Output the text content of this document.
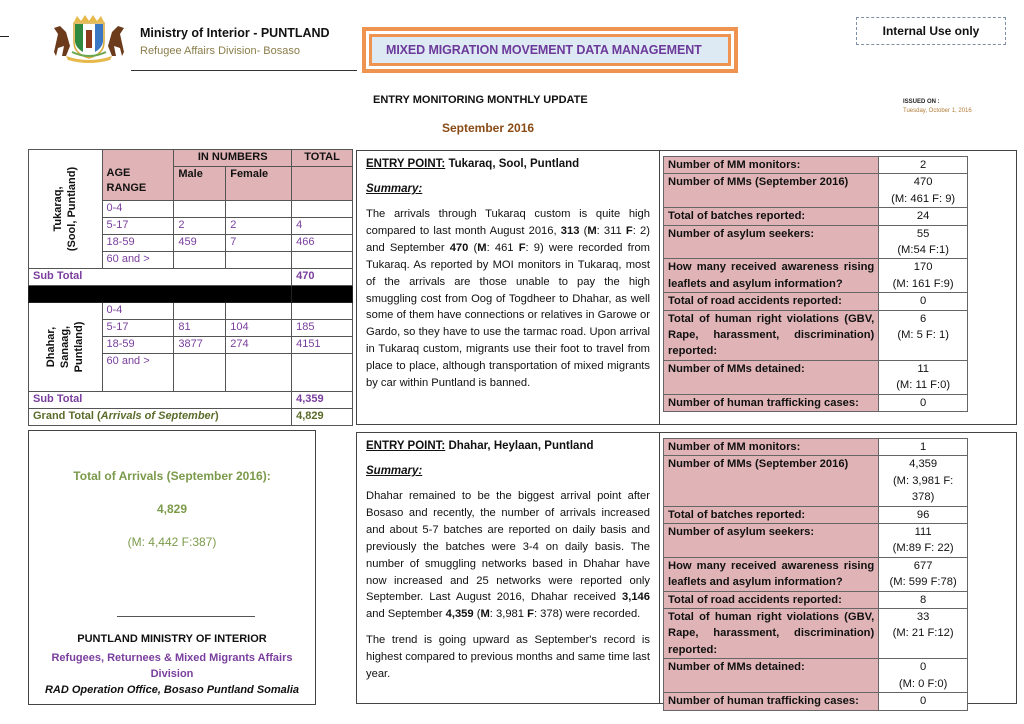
Ministry of Interior - PUNTLAND
Refugee Affairs Division- Bosaso	MIXED MIGRATION MOVEMENT DATA MANAGEMENT
Internal Use only
ENTRY MONITORING MONTHLY UPDATE
September 2016
ISSUED ON :
Tuesday, October 1, 2016
Tukaraq,
(Sool, Puntland)	AGE RANGE	IN NUMBERS		TOTAL
		Male	Female	
	0-4			
	5-17	2	2	4
	18-59	459	7	466
	60 and >			
Sub Total				470

Dhahar,
Sanaag,
Puntland)	0-4			
	5-17	81	104	185
	18-59	3877	274	4151
	60 and >			
Sub Total				4,359
Grand Total (Arrivals of September)				4,829
Total of Arrivals (September 2016):
4,829
(M: 4,442 F:387)
PUNTLAND MINISTRY OF INTERIOR
Refugees, Returnees & Mixed Migrants Affairs Division
RAD Operation Office, Bosaso Puntland Somalia
ENTRY POINT: Tukaraq, Sool, Puntland
Summary:
The arrivals through Tukaraq custom is quite high compared to last month August 2016, 313 (M: 311 F: 2) and September 470 (M: 461 F: 9) were recorded from Tukaraq. As reported by MOI monitors in Tukaraq, most of the arrivals are those unable to pay the high smuggling cost from Oog of Togdheer to Dhahar, as well some of them have connections or relatives in Garowe or Gardo, so they have to use the tarmac road. Upon arrival in Tukaraq custom, migrants use their foot to travel from place to place, although transportation of mixed migrants by car within Puntland is banned.
Number of MM monitors:	2

Number of MMs (September 2016)	470
(M: 461 F: 9)

Total of batches reported:	24

Number of asylum seekers:	55
(M:54 F:1)

How many received awareness rising leaflets and asylum information?	170
(M: 161 F:9)

Total of road accidents reported:	0

Total of human right violations (GBV, Rape, harassment, discrimination) reported:	6
(M: 5 F: 1)

Number of MMs detained:	11
(M: 11 F:0)

Number of human trafficking cases:	0
ENTRY POINT: Dhahar, Heylaan, Puntland
Summary:
Dhahar remained to be the biggest arrival point after Bosaso and recently, the number of arrivals increased and about 5-7 batches are reported on daily basis and previously the batches were 3-4 on daily basis. The number of smuggling networks based in Dhahar have now increased and 25 networks were reported only September. Last August 2016, Dhahar received 3,146 and September 4,359 (M: 3,981 F: 378) were recorded.
The trend is going upward as September's record is highest compared to previous months and same time last year.
Number of MM monitors:	1

Number of MMs (September 2016)	4,359
(M: 3,981 F: 378)

Total of batches reported:	96

Number of asylum seekers:	111
(M:89 F: 22)

How many received awareness rising leaflets and asylum information?	677
(M: 599 F:78)

Total of road accidents reported:	8

Total of human right violations (GBV, Rape, harassment, discrimination) reported:	33
(M: 21 F:12)

Number of MMs detained:	0
(M: 0 F:0)

Number of human trafficking cases:	0
